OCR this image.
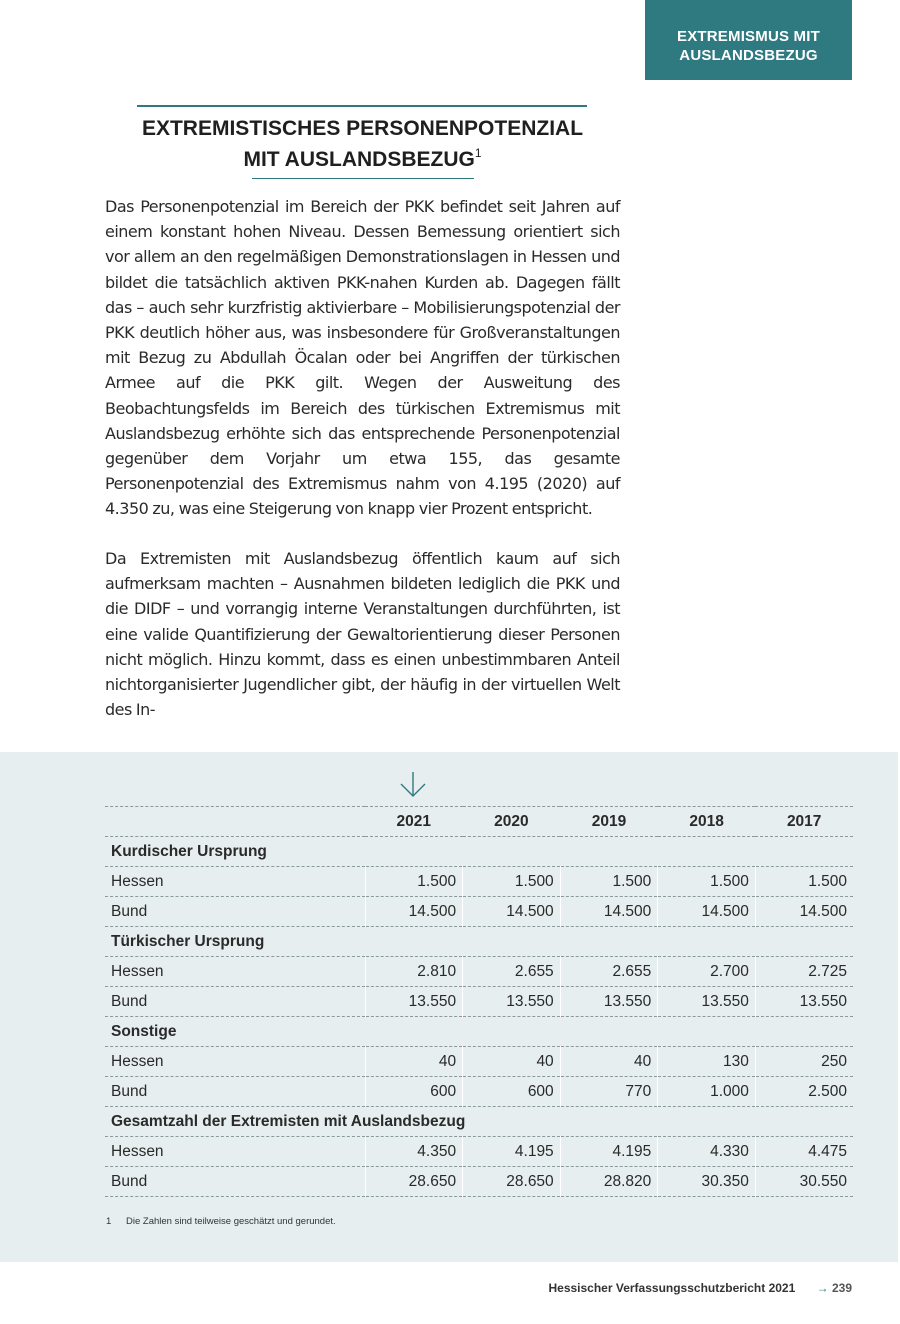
EXTREMISMUS MIT
AUSLANDSBEZUG
EXTREMISTISCHES PERSONENPOTENZIAL
MIT AUSLANDSBEZUG$^1$

Das Personenpotenzial im Bereich der PKK befindet seit Jahren auf einem konstant hohen Niveau. Dessen Bemessung orientiert sich vor allem an den regelmäßigen Demonstrationslagen in Hessen und bildet die tatsächlich aktiven PKK-nahen Kurden ab. Dagegen fällt das – auch sehr kurzfristig aktivierbare – Mobilisierungspotenzial der PKK deutlich höher aus, was insbesondere für Großveranstaltungen mit Bezug zu Abdullah Öcalan oder bei Angriffen der türkischen Armee auf die PKK gilt. Wegen der Ausweitung des Beobachtungsfelds im Bereich des türkischen Extremismus mit Auslandsbezug erhöhte sich das entsprechende Personenpotenzial gegenüber dem Vorjahr um etwa 155, das gesamte Personenpotenzial des Extremismus nahm von 4.195 (2020) auf 4.350 zu, was eine Steigerung von knapp vier Prozent entspricht.

Da Extremisten mit Auslandsbezug öffentlich kaum auf sich aufmerksam machten – Ausnahmen bildeten lediglich die PKK und die DIDF – und vorrangig interne Veranstaltungen durchführten, ist eine valide Quantifizierung der Gewaltorientierung dieser Personen nicht möglich. Hinzu kommt, dass es einen unbestimmbaren Anteil nichtorganisierter Jugendlicher gibt, der häufig in der virtuellen Welt des In-

	2021	2020	2019	2018	2017
Kurdischer Ursprung					
Hessen	1.500	1.500	1.500	1.500	1.500
Bund	14.500	14.500	14.500	14.500	14.500
Türkischer Ursprung					
Hessen	2.810	2.655	2.655	2.700	2.725
Bund	13.550	13.550	13.550	13.550	13.550
Sonstige					
Hessen	40	40	40	130	250
Bund	600	600	770	1.000	2.500
Gesamtzahl der Extremisten mit Auslandsbezug					
Hessen	4.350	4.195	4.195	4.330	4.475
Bund	28.650	28.650	28.820	30.350	30.550
1 Die Zahlen sind teilweise geschätzt und gerundet.
Hessischer Verfassungsschutzbericht 2021 → 239
